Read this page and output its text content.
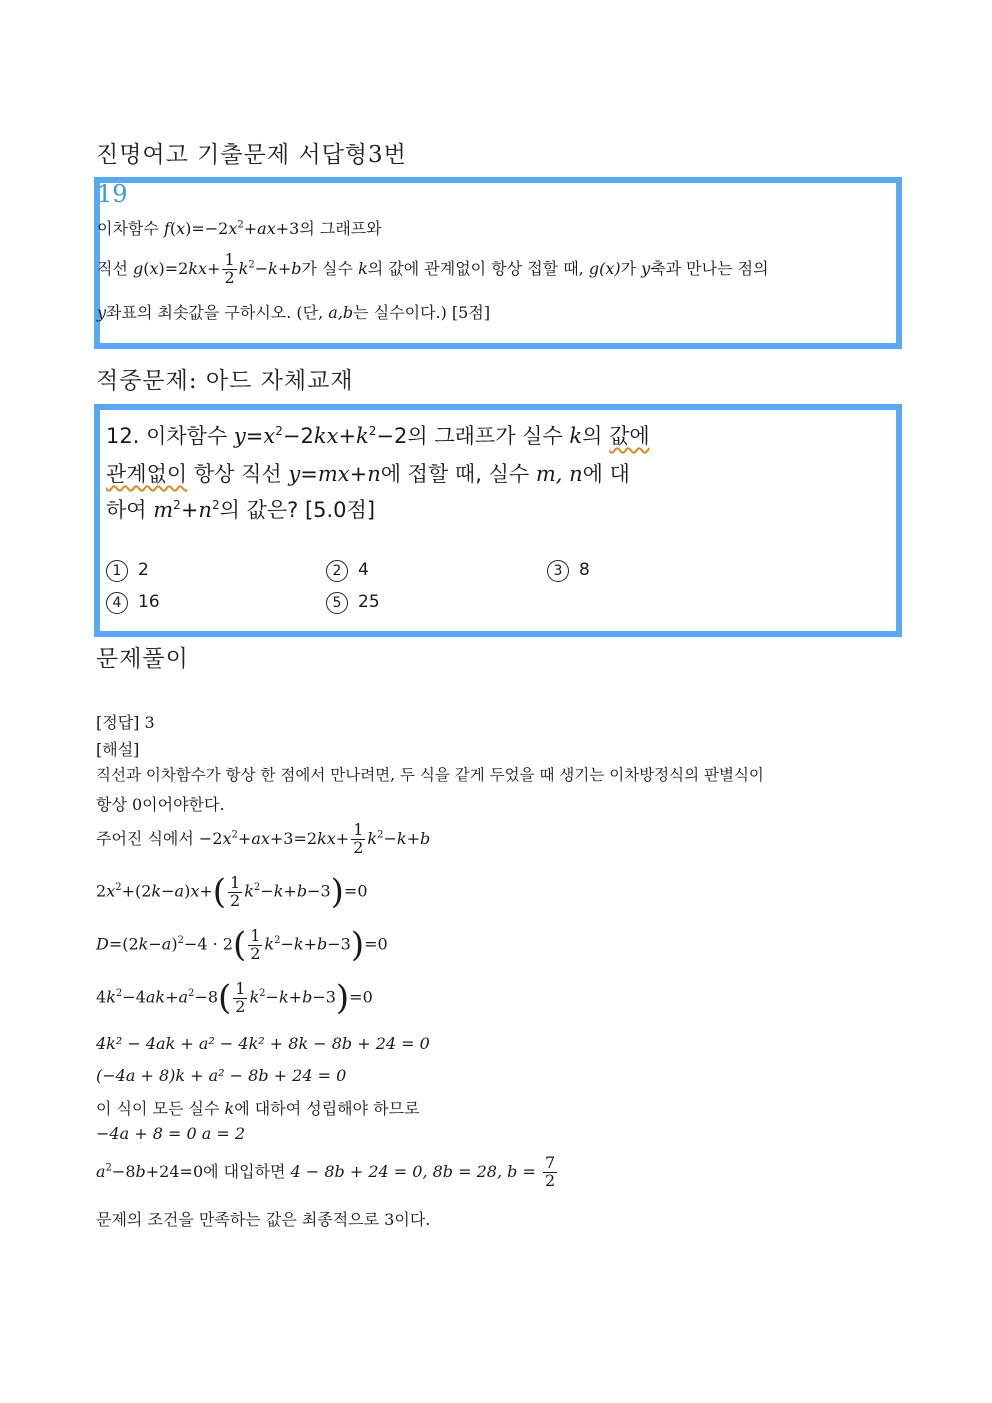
진명여고 기출문제 서답형3번
19
이차함수 $f(x)=-2x^2+ax+3$의 그래프와
직선 $g(x)=2kx+ \frac{1}{2} k^2-k+b$가 실수 k의 값에 관계없이 항상 접할 때, g(x)가 y축과 만나는 점의
y좌표의 최솟값을 구하시오. (단, a,b는 실수이다.) [5점]
적중문제: 아드 자체교재
12. 이차함수 $y=x^2-2kx+k^2-2$의 그래프가 실수 k의 값에
관계없이 항상 직선 y=mx+n에 접할 때, 실수 m, n에 대
하여 $m^2+n^2$의 값은? [5.0점]
1 2	2 4	3 8
4 16	5 25
문제풀이
[정답] 3
[해설]
직선과 이차함수가 항상 한 점에서 만나려면, 두 식을 같게 두었을 때 생기는 이차방정식의 판별식이
항상 0이어야한다.
주어진 식에서 $-2x^2+ax+3=2kx+ \frac{1}{2} k^2-k+b$
$2x^2+(2k-a)x+( \frac{1}{2} k^2-k+b-3)=0$
$D=(2k-a)^2-4 \cdot 2( \frac{1}{2} k^2-k+b-3)=0$
$4k^2-4ak+a^2-8( \frac{1}{2} k^2-k+b-3)=0$
4k² − 4ak + a² − 4k² + 8k − 8b + 24 = 0
(−4a + 8)k + a² − 8b + 24 = 0
이 식이 모든 실수 k에 대하여 성립해야 하므로
−4a + 8 = 0 a = 2
$a^2-8b+24=0$에 대입하면 4 − 8b + 24 = 0, 8b = 28, $b = \frac{7}{2}$
문제의 조건을 만족하는 값은 최종적으로 3이다.
